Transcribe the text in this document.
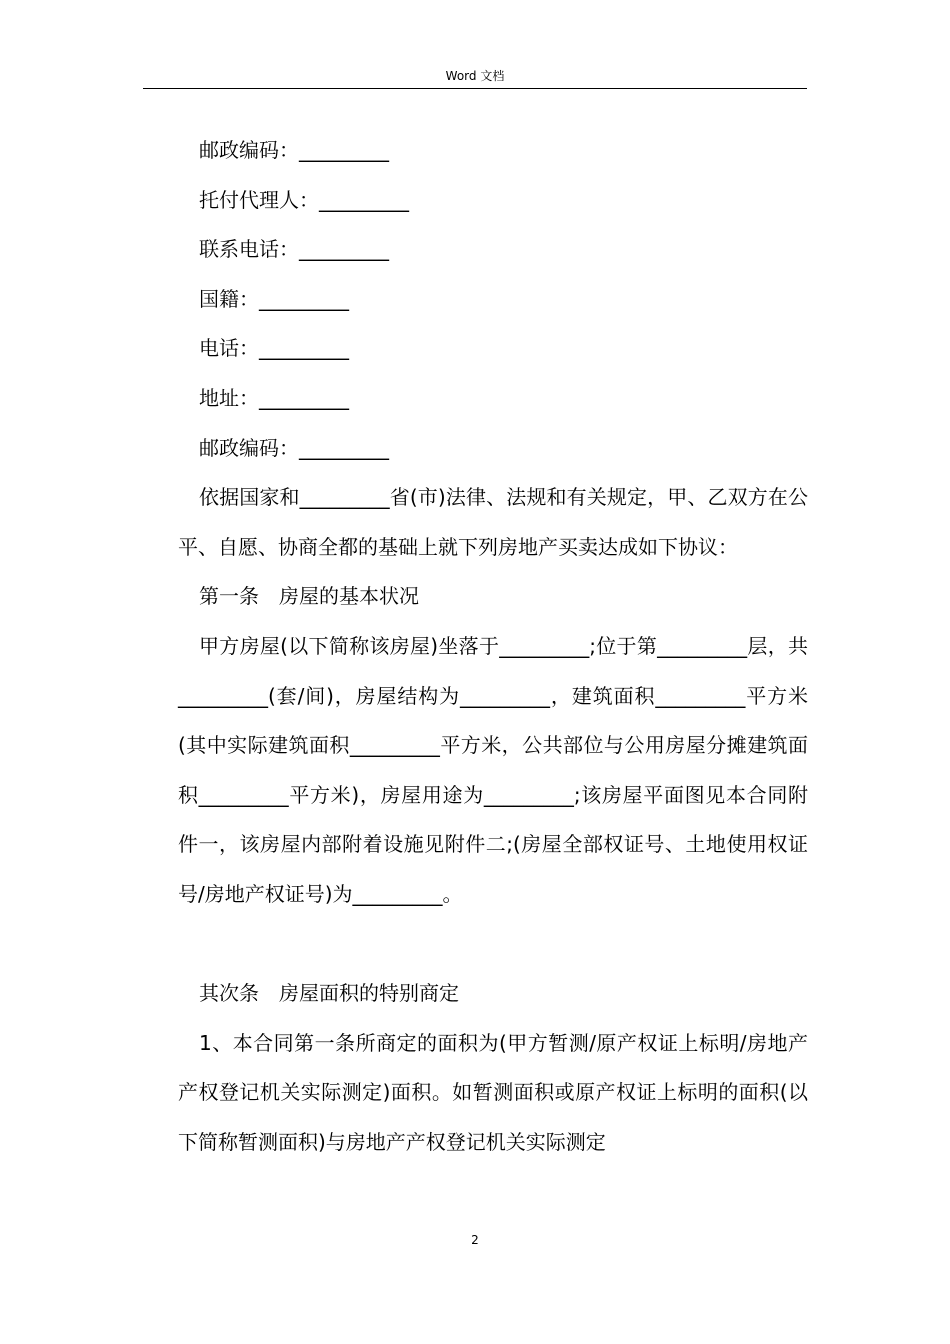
Word 文档
邮政编码：_________
托付代理人：_________
联系电话：_________
国籍：_________
电话：_________
地址：_________
邮政编码：_________
依据国家和_________省(市)法律、法规和有关规定，甲、乙双方在公平、自愿、协商全都的基础上就下列房地产买卖达成如下协议：
第一条　房屋的基本状况
甲方房屋(以下简称该房屋)坐落于_________;位于第_________层，共_________(套/间)，房屋结构为_________，建筑面积_________平方米(其中实际建筑面积_________平方米，公共部位与公用房屋分摊建筑面积_________平方米)，房屋用途为_________;该房屋平面图见本合同附件一，该房屋内部附着设施见附件二;(房屋全部权证号、土地使用权证号/房地产权证号)为_________。
其次条　房屋面积的特别商定
1、本合同第一条所商定的面积为(甲方暂测/原产权证上标明/房地产产权登记机关实际测定)面积。如暂测面积或原产权证上标明的面积(以下简称暂测面积)与房地产产权登记机关实际测定
2
